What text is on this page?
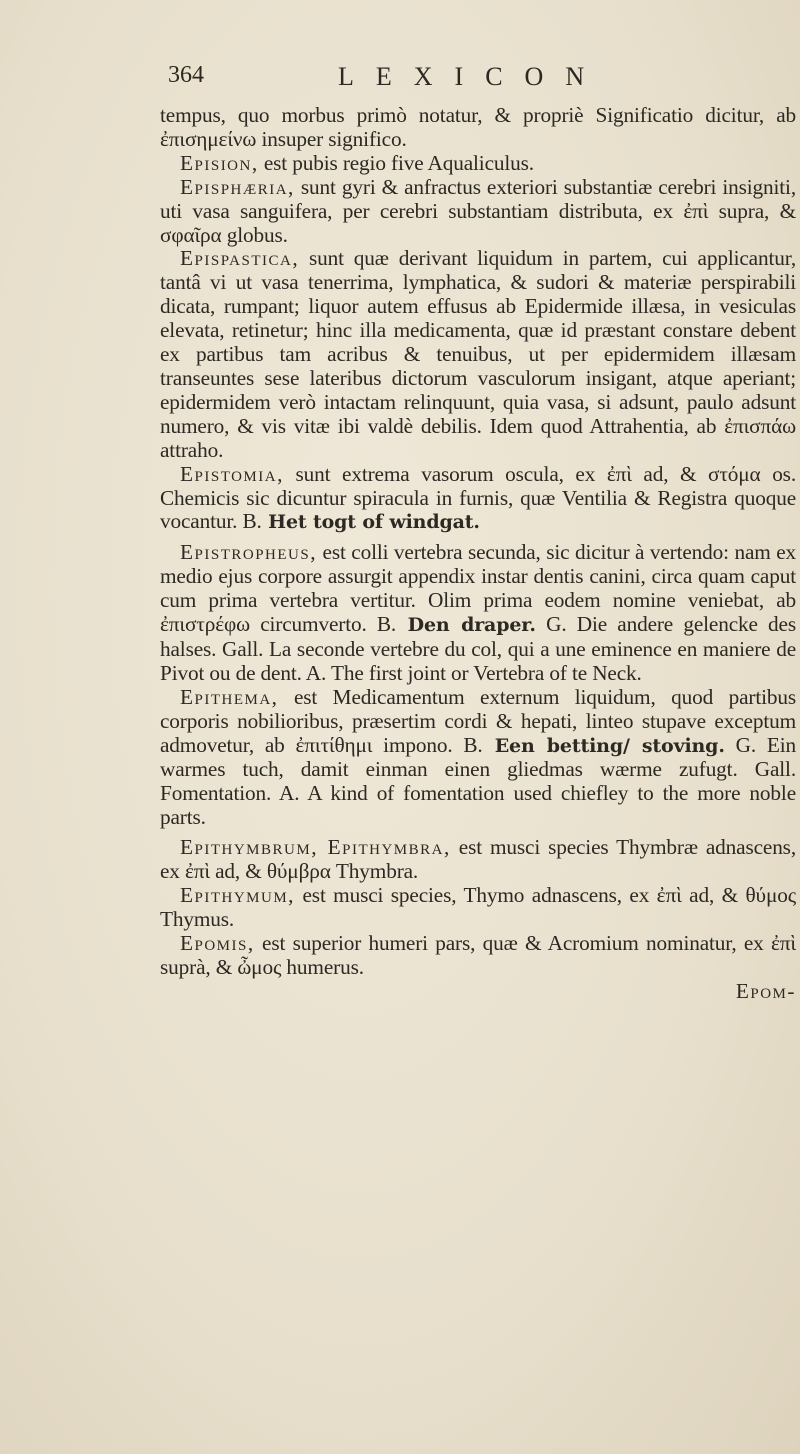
364	LEXICON

tempus, quo morbus primò notatur, & propriè Significatio dicitur, ab ἐπισημείνω insuper significo.

Epision, est pubis regio five Aqualiculus.

Episphæria, sunt gyri & anfractus exteriori substantiæ cerebri insigniti, uti vasa sanguifera, per cerebri substantiam distributa, ex ἐπὶ supra, & σφαῖρα globus.

Epispastica, sunt quæ derivant liquidum in partem, cui applicantur, tantâ vi ut vasa tenerrima, lymphatica, & sudori & materiæ perspirabili dicata, rumpant; liquor autem effusus ab Epidermide illæsa, in vesiculas elevata, retinetur; hinc illa medicamenta, quæ id præstant constare debent ex partibus tam acribus & tenuibus, ut per epidermidem illæsam transeuntes sese lateribus dictorum vasculorum insigant, atque aperiant; epidermidem verò intactam relinquunt, quia vasa, si adsunt, paulo adsunt numero, & vis vitæ ibi valdè debilis. Idem quod Attrahentia, ab ἐπισπάω attraho.

Epistomia, sunt extrema vasorum oscula, ex ἐπὶ ad, & στόμα os. Chemicis sic dicuntur spiracula in furnis, quæ Ventilia & Registra quoque vocantur. B. Het togt of windgat.

Epistropheus, est colli vertebra secunda, sic dicitur à vertendo: nam ex medio ejus corpore assurgit appendix instar dentis canini, circa quam caput cum prima vertebra vertitur. Olim prima eodem nomine veniebat, ab ἐπιστρέφω circumverto. B. Den draper. G. Die andere gelencke des halses. Gall. La seconde vertebre du col, qui a une eminence en maniere de Pivot ou de dent. A. The first joint or Vertebra of te Neck.

Epithema, est Medicamentum externum liquidum, quod partibus corporis nobilioribus, præsertim cordi & hepati, linteo stupave exceptum admovetur, ab ἐπιτίθημι impono. B. Een betting/ stoving. G. Ein warmes tuch, damit einman einen gliedmas wærme zufugt. Gall. Fomentation. A. A kind of fomentation used chiefley to the more noble parts.

Epithymbrum, Epithymbra, est musci species Thymbræ adnascens, ex ἐπὶ ad, & θύμβρα Thymbra.

Epithymum, est musci species, Thymo adnascens, ex ἐπὶ ad, & θύμος Thymus.

Epomis, est superior humeri pars, quæ & Acromium nominatur, ex ἐπὶ suprà, & ὦμος humerus.

Epom-
